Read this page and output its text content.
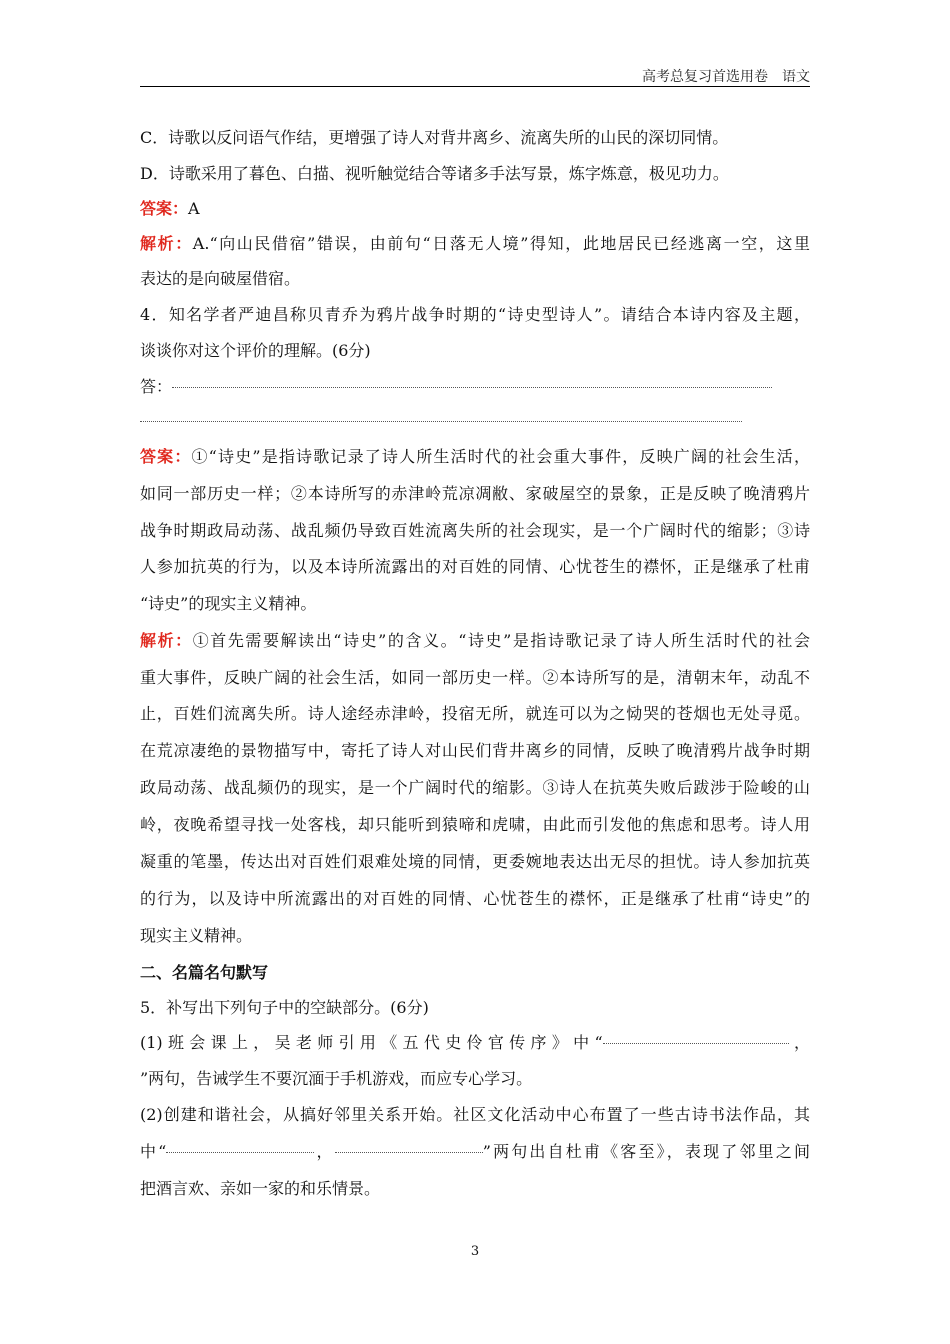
高考总复习首选用卷　语文
C．诗歌以反问语气作结，更增强了诗人对背井离乡、流离失所的山民的深切同情。
D．诗歌采用了暮色、白描、视听触觉结合等诸多手法写景，炼字炼意，极见功力。
答案：A
解析：A.“向山民借宿”错误，由前句“日落无人境”得知，此地居民已经逃离一空，这里
表达的是向破屋借宿。
4．知名学者严迪昌称贝青乔为鸦片战争时期的“诗史型诗人”。请结合本诗内容及主题，
谈谈你对这个评价的理解。(6分)
答：
答案：①“诗史”是指诗歌记录了诗人所生活时代的社会重大事件，反映广阔的社会生活，
如同一部历史一样；②本诗所写的赤津岭荒凉凋敝、家破屋空的景象，正是反映了晚清鸦片
战争时期政局动荡、战乱频仍导致百姓流离失所的社会现实，是一个广阔时代的缩影；③诗
人参加抗英的行为，以及本诗所流露出的对百姓的同情、心忧苍生的襟怀，正是继承了杜甫
“诗史”的现实主义精神。
解析：①首先需要解读出“诗史”的含义。“诗史”是指诗歌记录了诗人所生活时代的社会
重大事件，反映广阔的社会生活，如同一部历史一样。②本诗所写的是，清朝末年，动乱不
止，百姓们流离失所。诗人途经赤津岭，投宿无所，就连可以为之恸哭的苍烟也无处寻觅。
在荒凉凄绝的景物描写中，寄托了诗人对山民们背井离乡的同情，反映了晚清鸦片战争时期
政局动荡、战乱频仍的现实，是一个广阔时代的缩影。③诗人在抗英失败后跋涉于险峻的山
岭，夜晚希望寻找一处客栈，却只能听到猿啼和虎啸，由此而引发他的焦虑和思考。诗人用
凝重的笔墨，传达出对百姓们艰难处境的同情，更委婉地表达出无尽的担忧。诗人参加抗英
的行为，以及诗中所流露出的对百姓的同情、心忧苍生的襟怀，正是继承了杜甫“诗史”的
现实主义精神。
二、名篇名句默写
5．补写出下列句子中的空缺部分。(6分)
(1)班会课上，吴老师引用《五代史伶官传序》中“	，
”两句，告诫学生不要沉湎于手机游戏，而应专心学习。
(2)创建和谐社会，从搞好邻里关系开始。社区文化活动中心布置了一些古诗书法作品，其
中“	，	”两句出自杜甫《客至》，表现了邻里之间
把酒言欢、亲如一家的和乐情景。
3
